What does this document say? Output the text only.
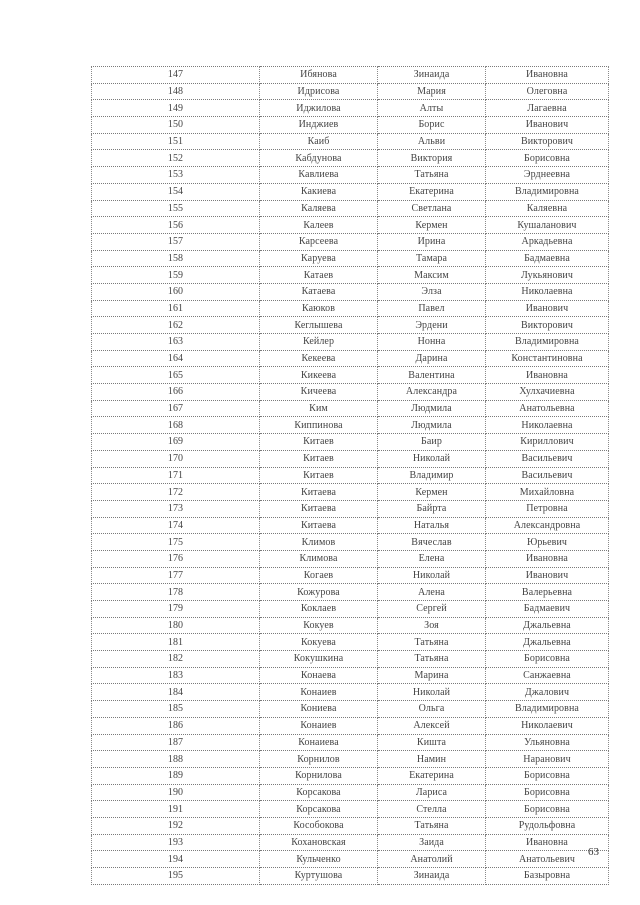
147	Ибянова	Зинаида	Ивановна
148	Идрисова	Мария	Олеговна
149	Иджилова	Алты	Лагаевна
150	Инджиев	Борис	Иванович
151	Каиб	Альви	Викторович
152	Кабдунова	Виктория	Борисовна
153	Кавлиева	Татьяна	Эрднеевна
154	Какиева	Екатерина	Владимировна
155	Каляева	Светлана	Каляевна
156	Калеев	Кермен	Кушаланович
157	Карсеева	Ирина	Аркадьевна
158	Каруева	Тамара	Бадмаевна
159	Катаев	Максим	Лукьянович
160	Катаева	Элза	Николаевна
161	Каюков	Павел	Иванович
162	Кеглышева	Эрдени	Викторович
163	Кейлер	Нонна	Владимировна
164	Кекеева	Дарина	Константиновна
165	Кикеева	Валентина	Ивановна
166	Кичеева	Александра	Хулхачиевна
167	Ким	Людмила	Анатольевна
168	Киппинова	Людмила	Николаевна
169	Китаев	Баир	Кириллович
170	Китаев	Николай	Васильевич
171	Китаев	Владимир	Васильевич
172	Китаева	Кермен	Михайловна
173	Китаева	Байрта	Петровна
174	Китаева	Наталья	Александровна
175	Климов	Вячеслав	Юрьевич
176	Климова	Елена	Ивановна
177	Когаев	Николай	Иванович
178	Кожурова	Алена	Валерьевна
179	Коклаев	Сергей	Бадмаевич
180	Кокуев	Зоя	Джальевна
181	Кокуева	Татьяна	Джальевна
182	Кокушкина	Татьяна	Борисовна
183	Конаева	Марина	Санжаевна
184	Конаиев	Николай	Джалович
185	Кониева	Ольга	Владимировна
186	Конаиев	Алексей	Николаевич
187	Конаиева	Кишта	Ульяновна
188	Корнилов	Намин	Наранович
189	Корнилова	Екатерина	Борисовна
190	Корсакова	Лариса	Борисовна
191	Корсакова	Стелла	Борисовна
192	Кособокова	Татьяна	Рудольфовна
193	Кохановская	Заида	Ивановна
194	Кульченко	Анатолий	Анатольевич
195	Куртушова	Зинаида	Базыровна
63
